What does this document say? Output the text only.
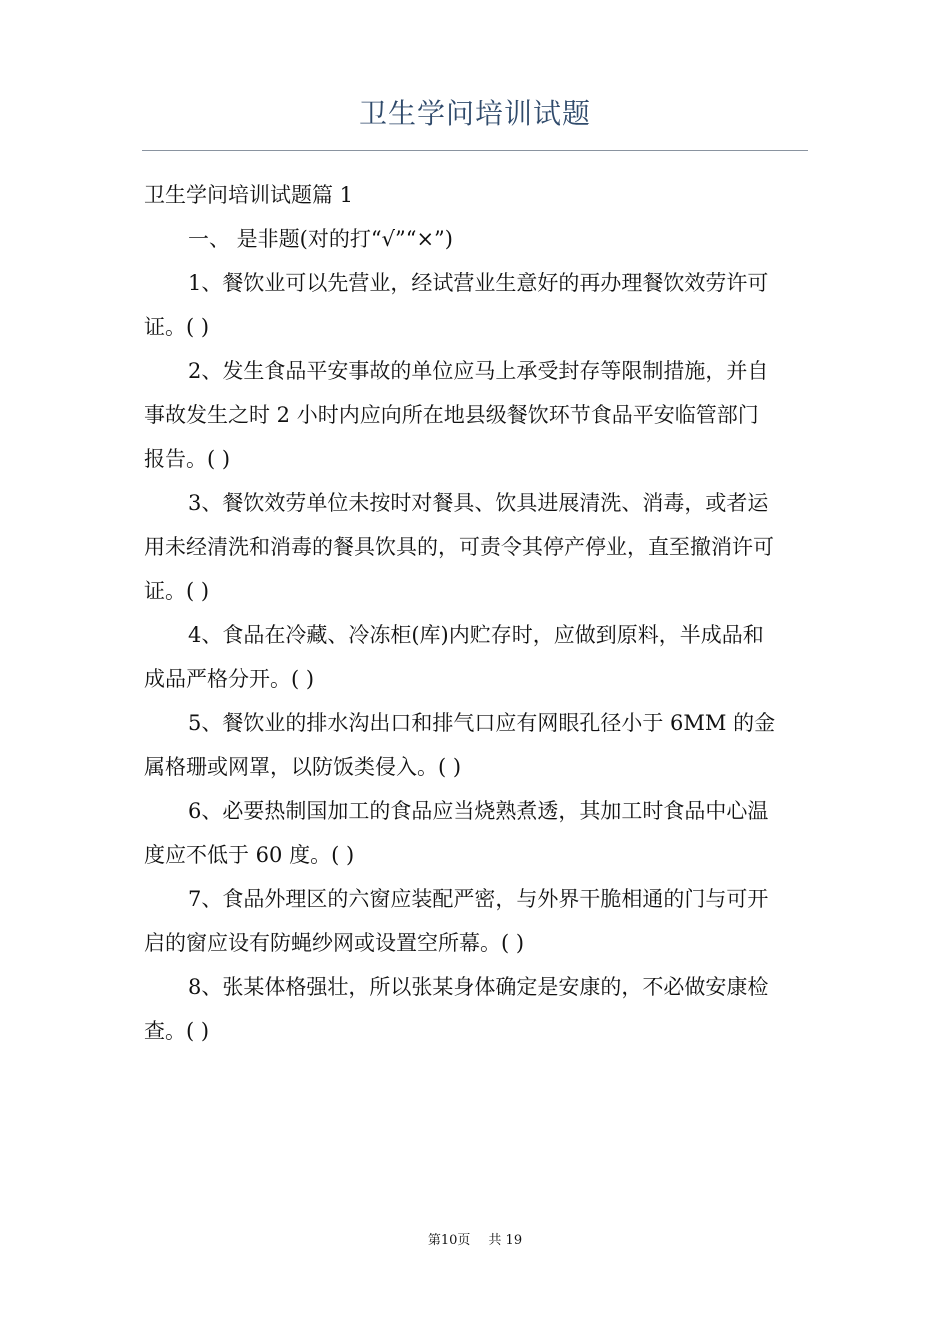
卫生学问培训试题
卫生学问培训试题篇 1
一、 是非题(对的打“√”“×”)
1、餐饮业可以先营业，经试营业生意好的再办理餐饮效劳许可
证。( )
2、发生食品平安事故的单位应马上承受封存等限制措施，并自
事故发生之时 2 小时内应向所在地县级餐饮环节食品平安临管部门
报告。( )
3、餐饮效劳单位未按时对餐具、饮具进展清洗、消毒，或者运
用未经清洗和消毒的餐具饮具的，可责令其停产停业，直至撤消许可
证。( )
4、食品在冷藏、冷冻柜(库)内贮存时，应做到原料，半成品和
成品严格分开。( )
5、餐饮业的排水沟出口和排气口应有网眼孔径小于 6MM 的金
属格珊或网罩，以防饭类侵入。( )
6、必要热制国加工的食品应当烧熟煮透，其加工时食品中心温
度应不低于 60 度。( )
7、食品外理区的六窗应装配严密，与外界干脆相通的门与可开
启的窗应设有防蝇纱网或设置空所幕。( )
8、张某体格强壮，所以张某身体确定是安康的，不必做安康检
查。( )
第10页 共 19
